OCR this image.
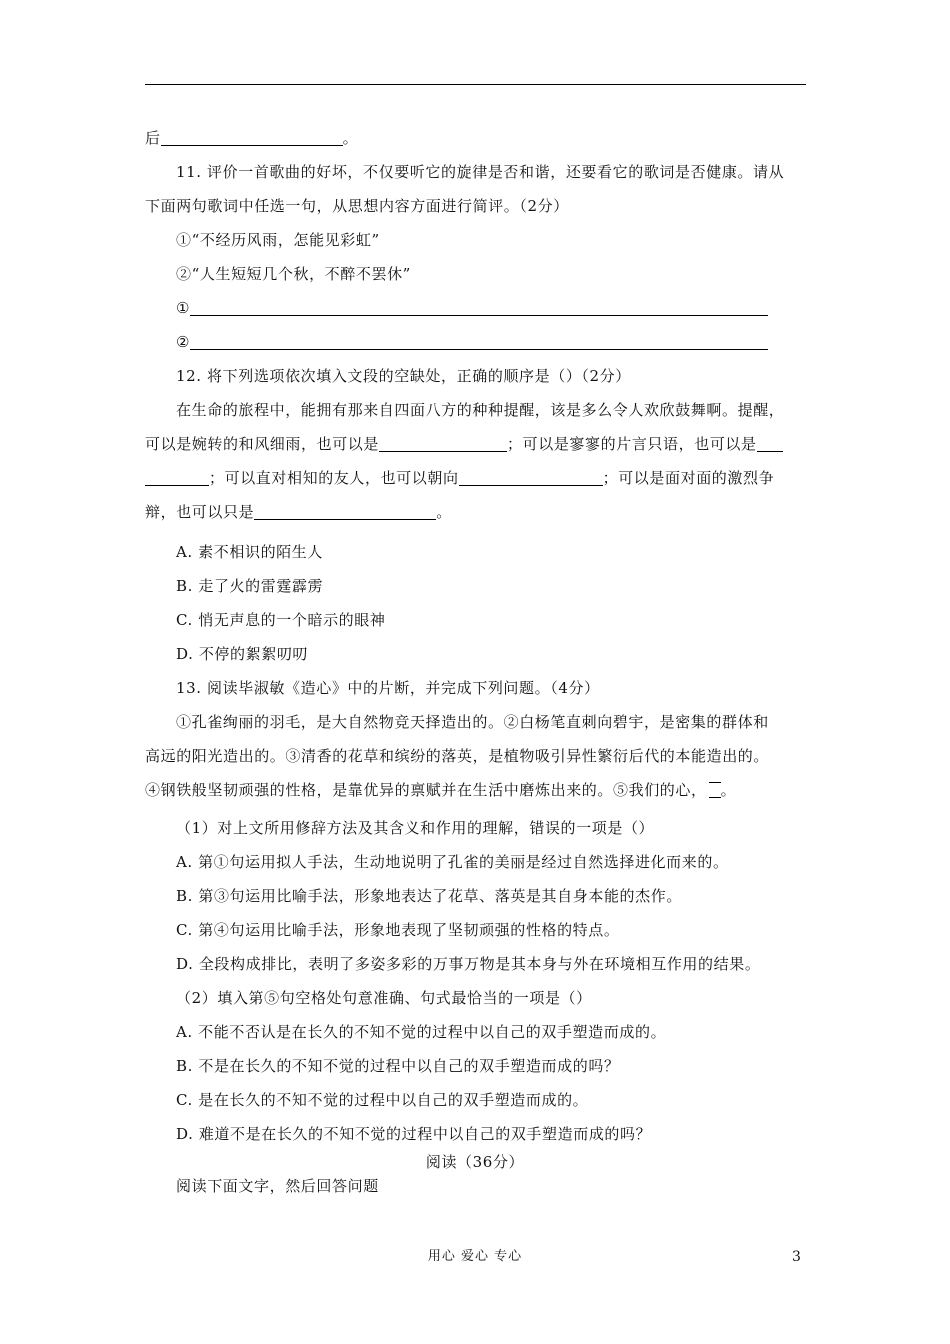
后	。
11. 评价一首歌曲的好坏，不仅要听它的旋律是否和谐，还要看它的歌词是否健康。请从
下面两句歌词中任选一句，从思想内容方面进行简评。（2分）
①“不经历风雨，怎能见彩虹”
②“人生短短几个秋，不醉不罢休”
①
②
12. 将下列选项依次填入文段的空缺处，正确的顺序是（）（2分）
在生命的旅程中，能拥有那来自四面八方的种种提醒，该是多么令人欢欣鼓舞啊。提醒，
可以是婉转的和风细雨，也可以是	；可以是寥寥的片言只语，也可以是
；可以直对相知的友人，也可以朝向	；可以是面对面的激烈争
辩，也可以只是	。
A. 素不相识的陌生人
B. 走了火的雷霆霹雳
C. 悄无声息的一个暗示的眼神
D. 不停的絮絮叨叨
13. 阅读毕淑敏《造心》中的片断，并完成下列问题。（4分）
①孔雀绚丽的羽毛，是大自然物竞天择造出的。②白杨笔直刺向碧宇，是密集的群体和
高远的阳光造出的。③清香的花草和缤纷的落英，是植物吸引异性繁衍后代的本能造出的。
④钢铁般坚韧顽强的性格，是靠优异的禀赋并在生活中磨炼出来的。⑤我们的心， 。
（1）对上文所用修辞方法及其含义和作用的理解，错误的一项是（）
A. 第①句运用拟人手法，生动地说明了孔雀的美丽是经过自然选择进化而来的。
B. 第③句运用比喻手法，形象地表达了花草、落英是其自身本能的杰作。
C. 第④句运用比喻手法，形象地表现了坚韧顽强的性格的特点。
D. 全段构成排比，表明了多姿多彩的万事万物是其本身与外在环境相互作用的结果。
（2）填入第⑤句空格处句意准确、句式最恰当的一项是（）
A. 不能不否认是在长久的不知不觉的过程中以自己的双手塑造而成的。
B. 不是在长久的不知不觉的过程中以自己的双手塑造而成的吗？
C. 是在长久的不知不觉的过程中以自己的双手塑造而成的。
D. 难道不是在长久的不知不觉的过程中以自己的双手塑造而成的吗？
阅读（36分）
阅读下面文字，然后回答问题
用心 爱心 专心	3
